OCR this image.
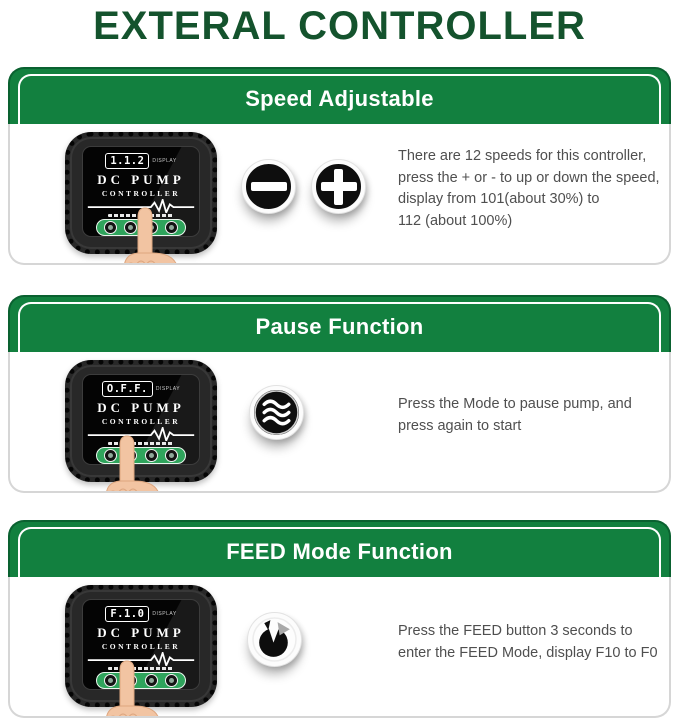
EXTERAL CONTROLLER
Speed Adjustable
1.1.2	DISPLAY
DC PUMP
CONTROLLER
There are 12 speeds for this controller,
press the + or - to up or down the speed,
display from 101(about 30%) to
112 (about 100%)
Pause Function
O.F.F.	DISPLAY
DC PUMP
CONTROLLER
Press the Mode to pause pump, and
press again to start
FEED Mode Function
F.1.0	DISPLAY
DC PUMP
CONTROLLER
Press the FEED button 3 seconds to
enter the FEED Mode, display F10 to F0
